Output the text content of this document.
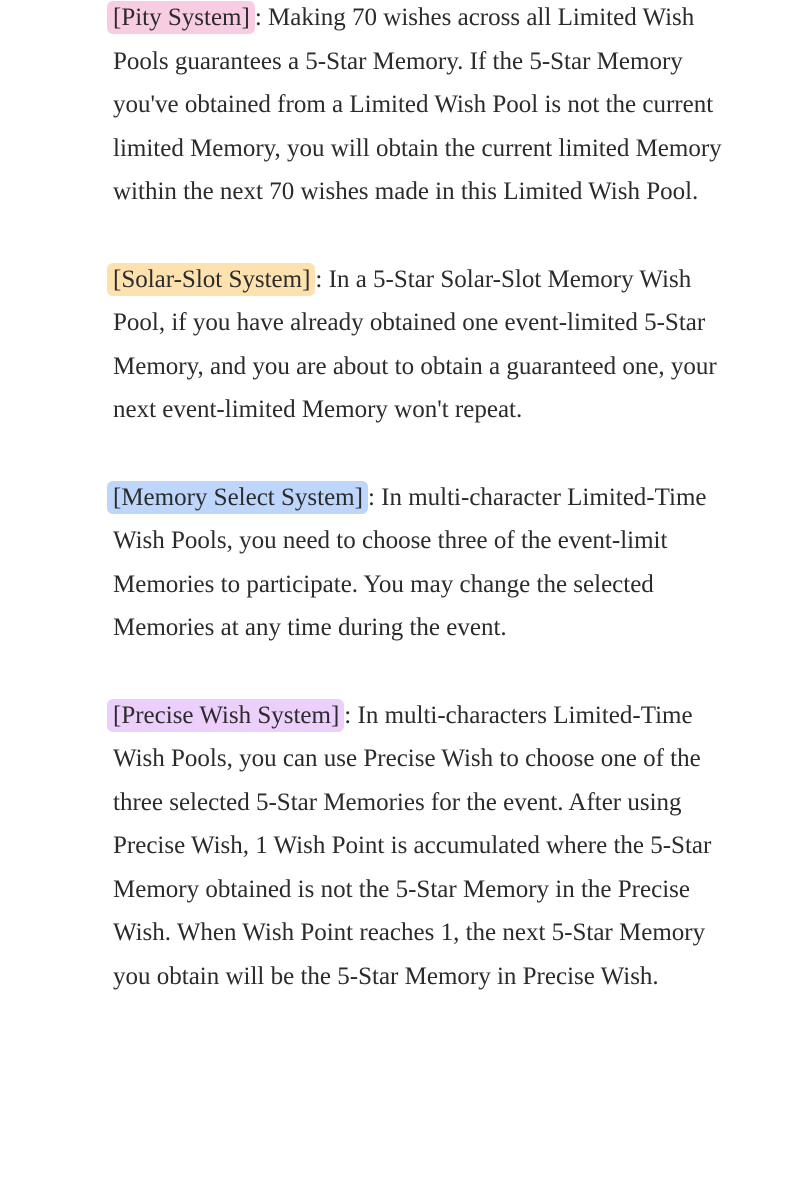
[Pity System] : Making 70 wishes across all Limited Wish Pools guarantees a 5-Star Memory. If the 5-Star Memory you've obtained from a Limited Wish Pool is not the current limited Memory, you will obtain the current limited Memory within the next 70 wishes made in this Limited Wish Pool.

[Solar-Slot System] : In a 5-Star Solar-Slot Memory Wish Pool, if you have already obtained one event-limited 5-Star Memory, and you are about to obtain a guaranteed one, your next event-limited Memory won't repeat.

[Memory Select System] : In multi-character Limited-Time Wish Pools, you need to choose three of the event-limit Memories to participate. You may change the selected Memories at any time during the event.

[Precise Wish System] : In multi-characters Limited-Time Wish Pools, you can use Precise Wish to choose one of the three selected 5-Star Memories for the event. After using Precise Wish, 1 Wish Point is accumulated where the 5-Star Memory obtained is not the 5-Star Memory in the Precise Wish. When Wish Point reaches 1, the next 5-Star Memory you obtain will be the 5-Star Memory in Precise Wish.
